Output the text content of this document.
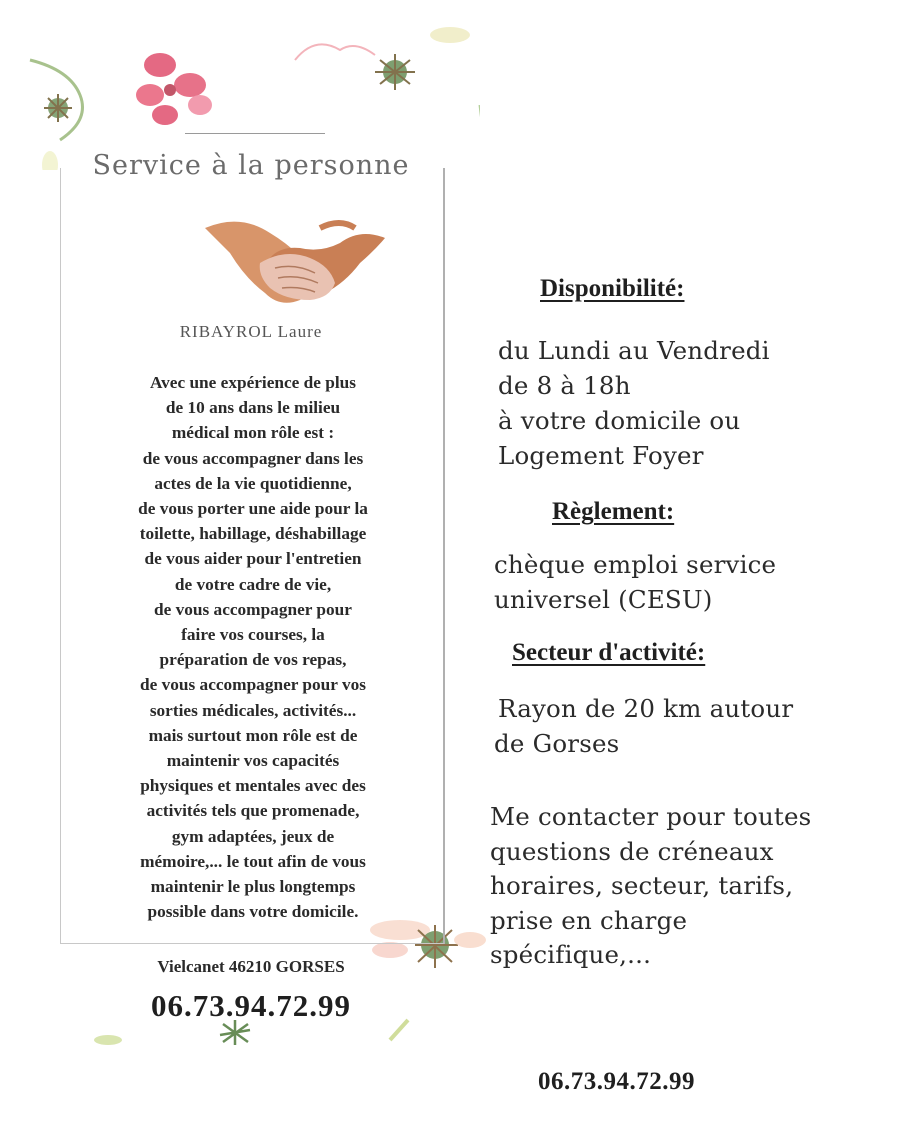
Service à la personne
RIBAYROL Laure
Avec une expérience de plus
de 10 ans dans le milieu
médical mon rôle est :
de vous accompagner dans les
actes de la vie quotidienne,
de vous porter une aide pour la
toilette, habillage, déshabillage
de vous aider pour l'entretien
de votre cadre de vie,
de vous accompagner pour
faire vos courses, la
préparation de vos repas,
de vous accompagner pour vos
sorties médicales, activités...
mais surtout mon rôle est de
maintenir vos capacités
physiques et mentales avec des
activités tels que promenade,
gym adaptées, jeux de
mémoire,... le tout afin de vous
maintenir le plus longtemps
possible dans votre domicile.
Vielcanet 46210 GORSES
06.73.94.72.99
Disponibilité:
du Lundi au Vendredi
de 8 à 18h
à votre domicile ou
Logement Foyer
Règlement:
chèque emploi service
universel (CESU)
Secteur d'activité:
Rayon de 20 km autour
de Gorses
Me contacter pour toutes
questions de créneaux
horaires, secteur, tarifs,
prise en charge
spécifique,...
06.73.94.72.99
